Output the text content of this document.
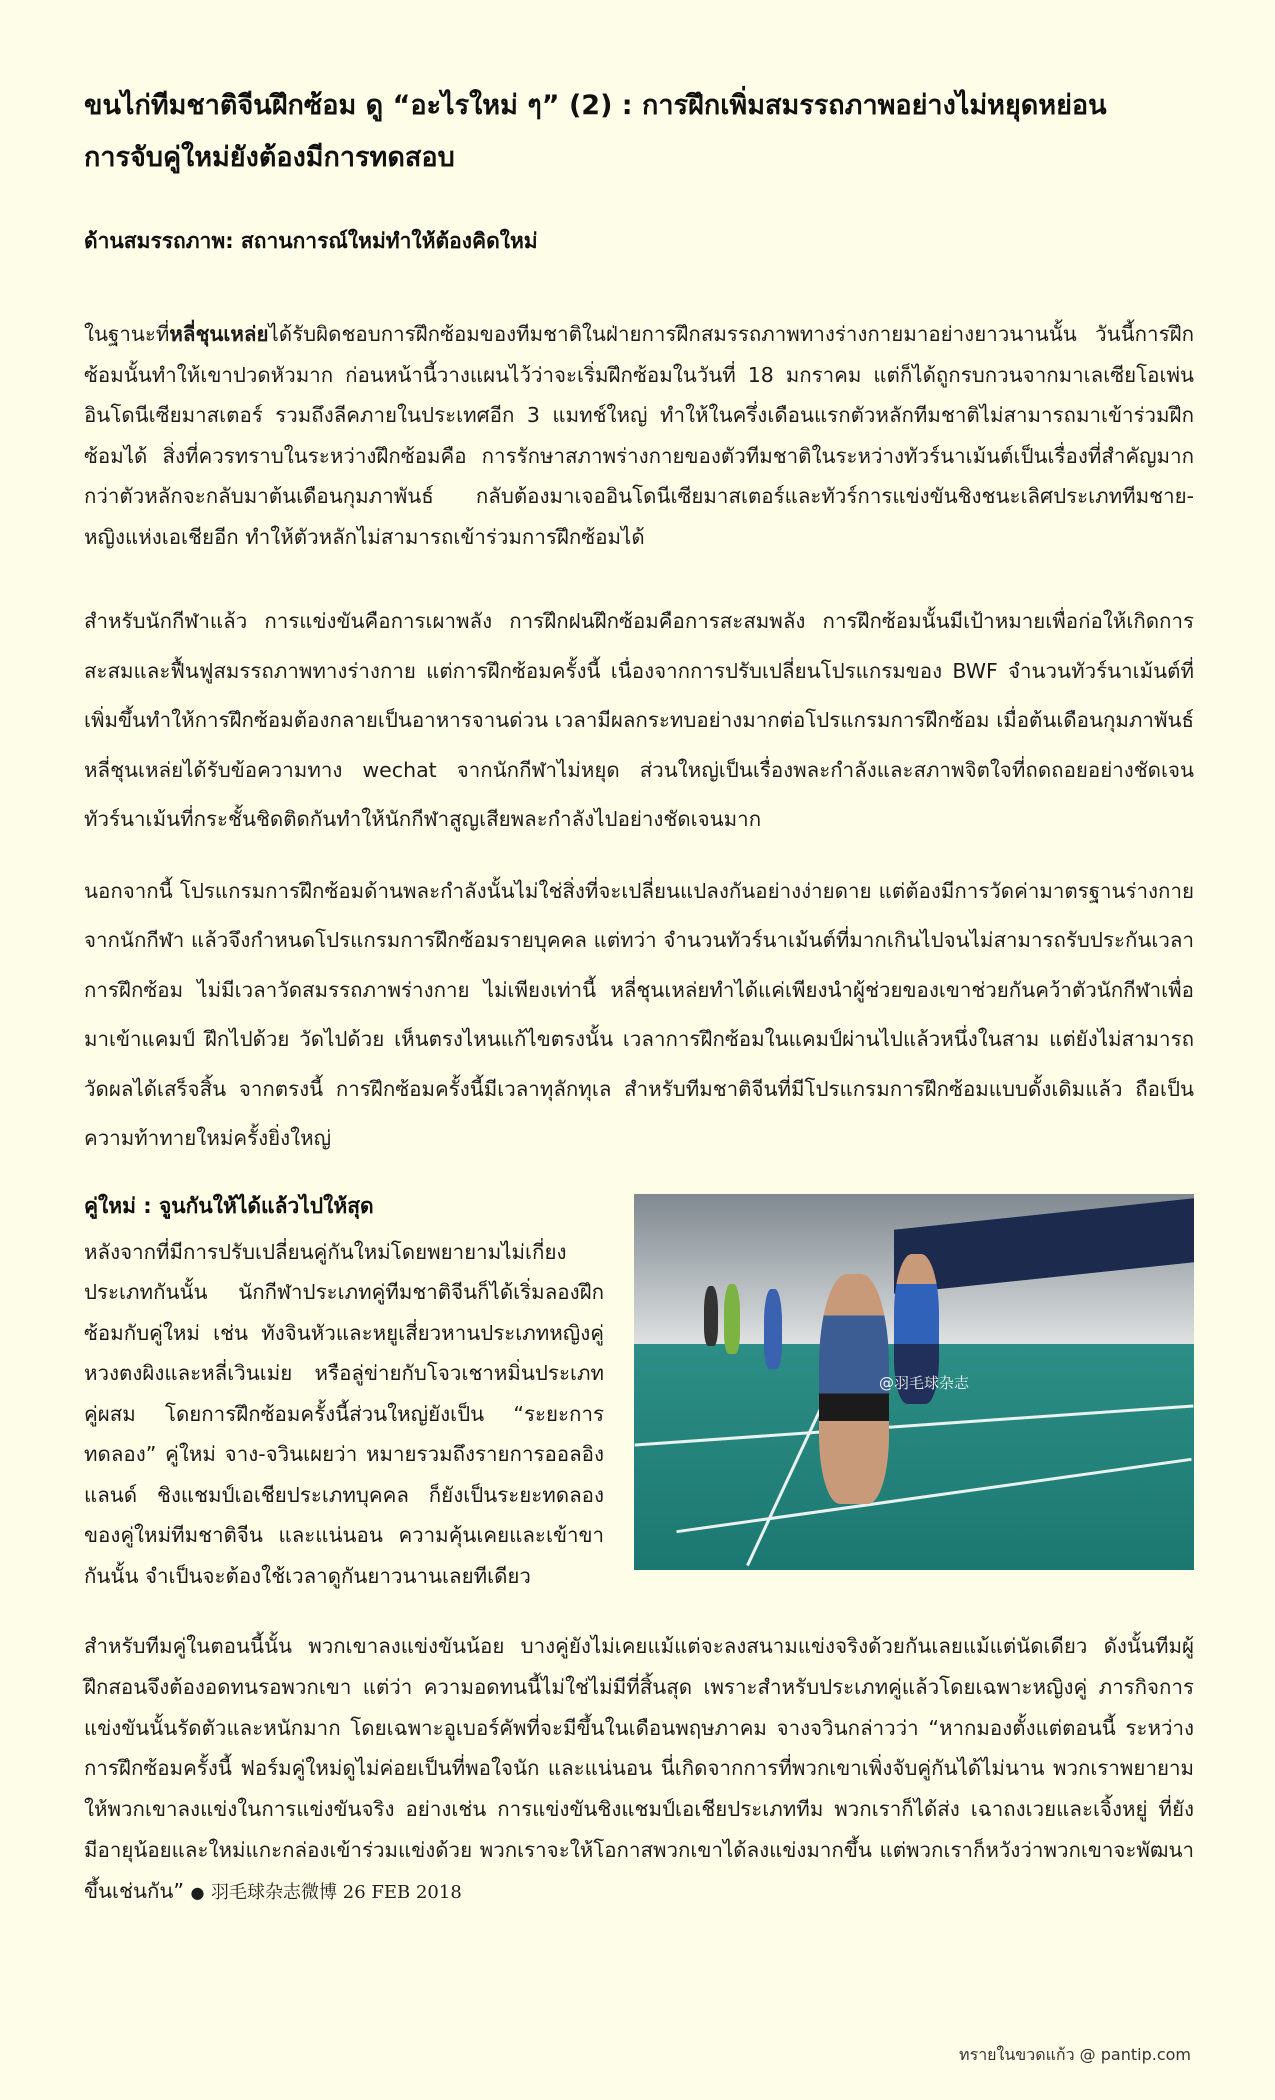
ขนไก่ทีมชาติจีนฝึกซ้อม ดู “อะไรใหม่ ๆ” (2) : การฝึกเพิ่มสมรรถภาพอย่างไม่หยุดหย่อน
การจับคู่ใหม่ยังต้องมีการทดสอบ
ด้านสมรรถภาพ: สถานการณ์ใหม่ทำให้ต้องคิดใหม่

ในฐานะที่หลี่ชุนเหล่ยได้รับผิดชอบการฝึกซ้อมของทีมชาติในฝ่ายการฝึกสมรรถภาพทางร่างกายมาอย่างยาวนานนั้น วันนี้การฝึกซ้อมนั้นทำให้เขาปวดหัวมาก ก่อนหน้านี้วางแผนไว้ว่าจะเริ่มฝึกซ้อมในวันที่ 18 มกราคม แต่ก็ได้ถูกรบกวนจากมาเลเซียโอเพ่น อินโดนีเซียมาสเตอร์ รวมถึงลีคภายในประเทศอีก 3 แมทช์ใหญ่ ทำให้ในครึ่งเดือนแรกตัวหลักทีมชาติไม่สามารถมาเข้าร่วมฝึกซ้อมได้ สิ่งที่ควรทราบในระหว่างฝึกซ้อมคือ การรักษาสภาพร่างกายของตัวทีมชาติในระหว่างทัวร์นาเม้นต์เป็นเรื่องที่สำคัญมาก กว่าตัวหลักจะกลับมาต้นเดือนกุมภาพันธ์ กลับต้องมาเจออินโดนีเซียมาสเตอร์และทัวร์การแข่งขันชิงชนะเลิศประเภททีมชาย-หญิงแห่งเอเชียอีก ทำให้ตัวหลักไม่สามารถเข้าร่วมการฝึกซ้อมได้

สำหรับนักกีฬาแล้ว การแข่งขันคือการเผาพลัง การฝึกฝนฝึกซ้อมคือการสะสมพลัง การฝึกซ้อมนั้นมีเป้าหมายเพื่อก่อให้เกิดการสะสมและฟื้นฟูสมรรถภาพทางร่างกาย แต่การฝึกซ้อมครั้งนี้ เนื่องจากการปรับเปลี่ยนโปรแกรมของ BWF จำนวนทัวร์นาเม้นต์ที่เพิ่มขึ้นทำให้การฝึกซ้อมต้องกลายเป็นอาหารจานด่วน เวลามีผลกระทบอย่างมากต่อโปรแกรมการฝึกซ้อม เมื่อต้นเดือนกุมภาพันธ์ หลี่ชุนเหล่ยได้รับข้อความทาง wechat จากนักกีฬาไม่หยุด ส่วนใหญ่เป็นเรื่องพละกำลังและสภาพจิตใจที่ถดถอยอย่างชัดเจน ทัวร์นาเม้นที่กระชั้นชิดติดกันทำให้นักกีฬาสูญเสียพละกำลังไปอย่างชัดเจนมาก

นอกจากนี้ โปรแกรมการฝึกซ้อมด้านพละกำลังนั้นไม่ใช่สิ่งที่จะเปลี่ยนแปลงกันอย่างง่ายดาย แต่ต้องมีการวัดค่ามาตรฐานร่างกายจากนักกีฬา แล้วจึงกำหนดโปรแกรมการฝึกซ้อมรายบุคคล แต่ทว่า จำนวนทัวร์นาเม้นต์ที่มากเกินไปจนไม่สามารถรับประกันเวลาการฝึกซ้อม ไม่มีเวลาวัดสมรรถภาพร่างกาย ไม่เพียงเท่านี้ หลี่ชุนเหล่ยทำได้แค่เพียงนำผู้ช่วยของเขาช่วยกันคว้าตัวนักกีฬาเพื่อมาเข้าแคมป์ ฝึกไปด้วย วัดไปด้วย เห็นตรงไหนแก้ไขตรงนั้น เวลาการฝึกซ้อมในแคมป์ผ่านไปแล้วหนึ่งในสาม แต่ยังไม่สามารถวัดผลได้เสร็จสิ้น จากตรงนี้ การฝึกซ้อมครั้งนี้มีเวลาทุลักทุเล สำหรับทีมชาติจีนที่มีโปรแกรมการฝึกซ้อมแบบดั้งเดิมแล้ว ถือเป็นความท้าทายใหม่ครั้งยิ่งใหญ่

@羽毛球杂志
คู่ใหม่ : จูนกันให้ได้แล้วไปให้สุด

หลังจากที่มีการปรับเปลี่ยนคู่กันใหม่โดยพยายามไม่เกี่ยงประเภทกันนั้น นักกีฬาประเภทคู่ทีมชาติจีนก็ได้เริ่มลองฝึกซ้อมกับคู่ใหม่ เช่น ทังจินหัวและหยูเสี่ยวหานประเภทหญิงคู่ หวงตงผิงและหลี่เวินเม่ย หรือลู่ข่ายกับโจวเชาหมิ่นประเภทคู่ผสม โดยการฝึกซ้อมครั้งนี้ส่วนใหญ่ยังเป็น “ระยะการทดลอง” คู่ใหม่ จาง-จวินเผยว่า หมายรวมถึงรายการออลอิงแลนด์ ชิงแชมป์เอเชียประเภทบุคคล ก็ยังเป็นระยะทดลองของคู่ใหม่ทีมชาติจีน และแน่นอน ความคุ้นเคยและเข้าขากันนั้น จำเป็นจะต้องใช้เวลาดูกันยาวนานเลยทีเดียว

สำหรับทีมคู่ในตอนนี้นั้น พวกเขาลงแข่งขันน้อย บางคู่ยังไม่เคยแม้แต่จะลงสนามแข่งจริงด้วยกันเลยแม้แต่นัดเดียว ดังนั้นทีมผู้ฝึกสอนจึงต้องอดทนรอพวกเขา แต่ว่า ความอดทนนี้ไม่ใช่ไม่มีที่สิ้นสุด เพราะสำหรับประเภทคู่แล้วโดยเฉพาะหญิงคู่ ภารกิจการแข่งขันนั้นรัดตัวและหนักมาก โดยเฉพาะอูเบอร์คัพที่จะมีขึ้นในเดือนพฤษภาคม จางจวินกล่าวว่า “หากมองตั้งแต่ตอนนี้ ระหว่างการฝึกซ้อมครั้งนี้ ฟอร์มคู่ใหม่ดูไม่ค่อยเป็นที่พอใจนัก และแน่นอน นี่เกิดจากการที่พวกเขาเพิ่งจับคู่กันได้ไม่นาน พวกเราพยายามให้พวกเขาลงแข่งในการแข่งขันจริง อย่างเช่น การแข่งขันชิงแชมป์เอเชียประเภททีม พวกเราก็ได้ส่ง เฉาถงเวยและเจิ้งหยู่ ที่ยังมีอายุน้อยและใหม่แกะกล่องเข้าร่วมแข่งด้วย พวกเราจะให้โอกาสพวกเขาได้ลงแข่งมากขึ้น แต่พวกเราก็หวังว่าพวกเขาจะพัฒนาขึ้นเช่นกัน” ● 羽毛球杂志微博 26 FEB 2018

ทรายในขวดแก้ว @ pantip.com
